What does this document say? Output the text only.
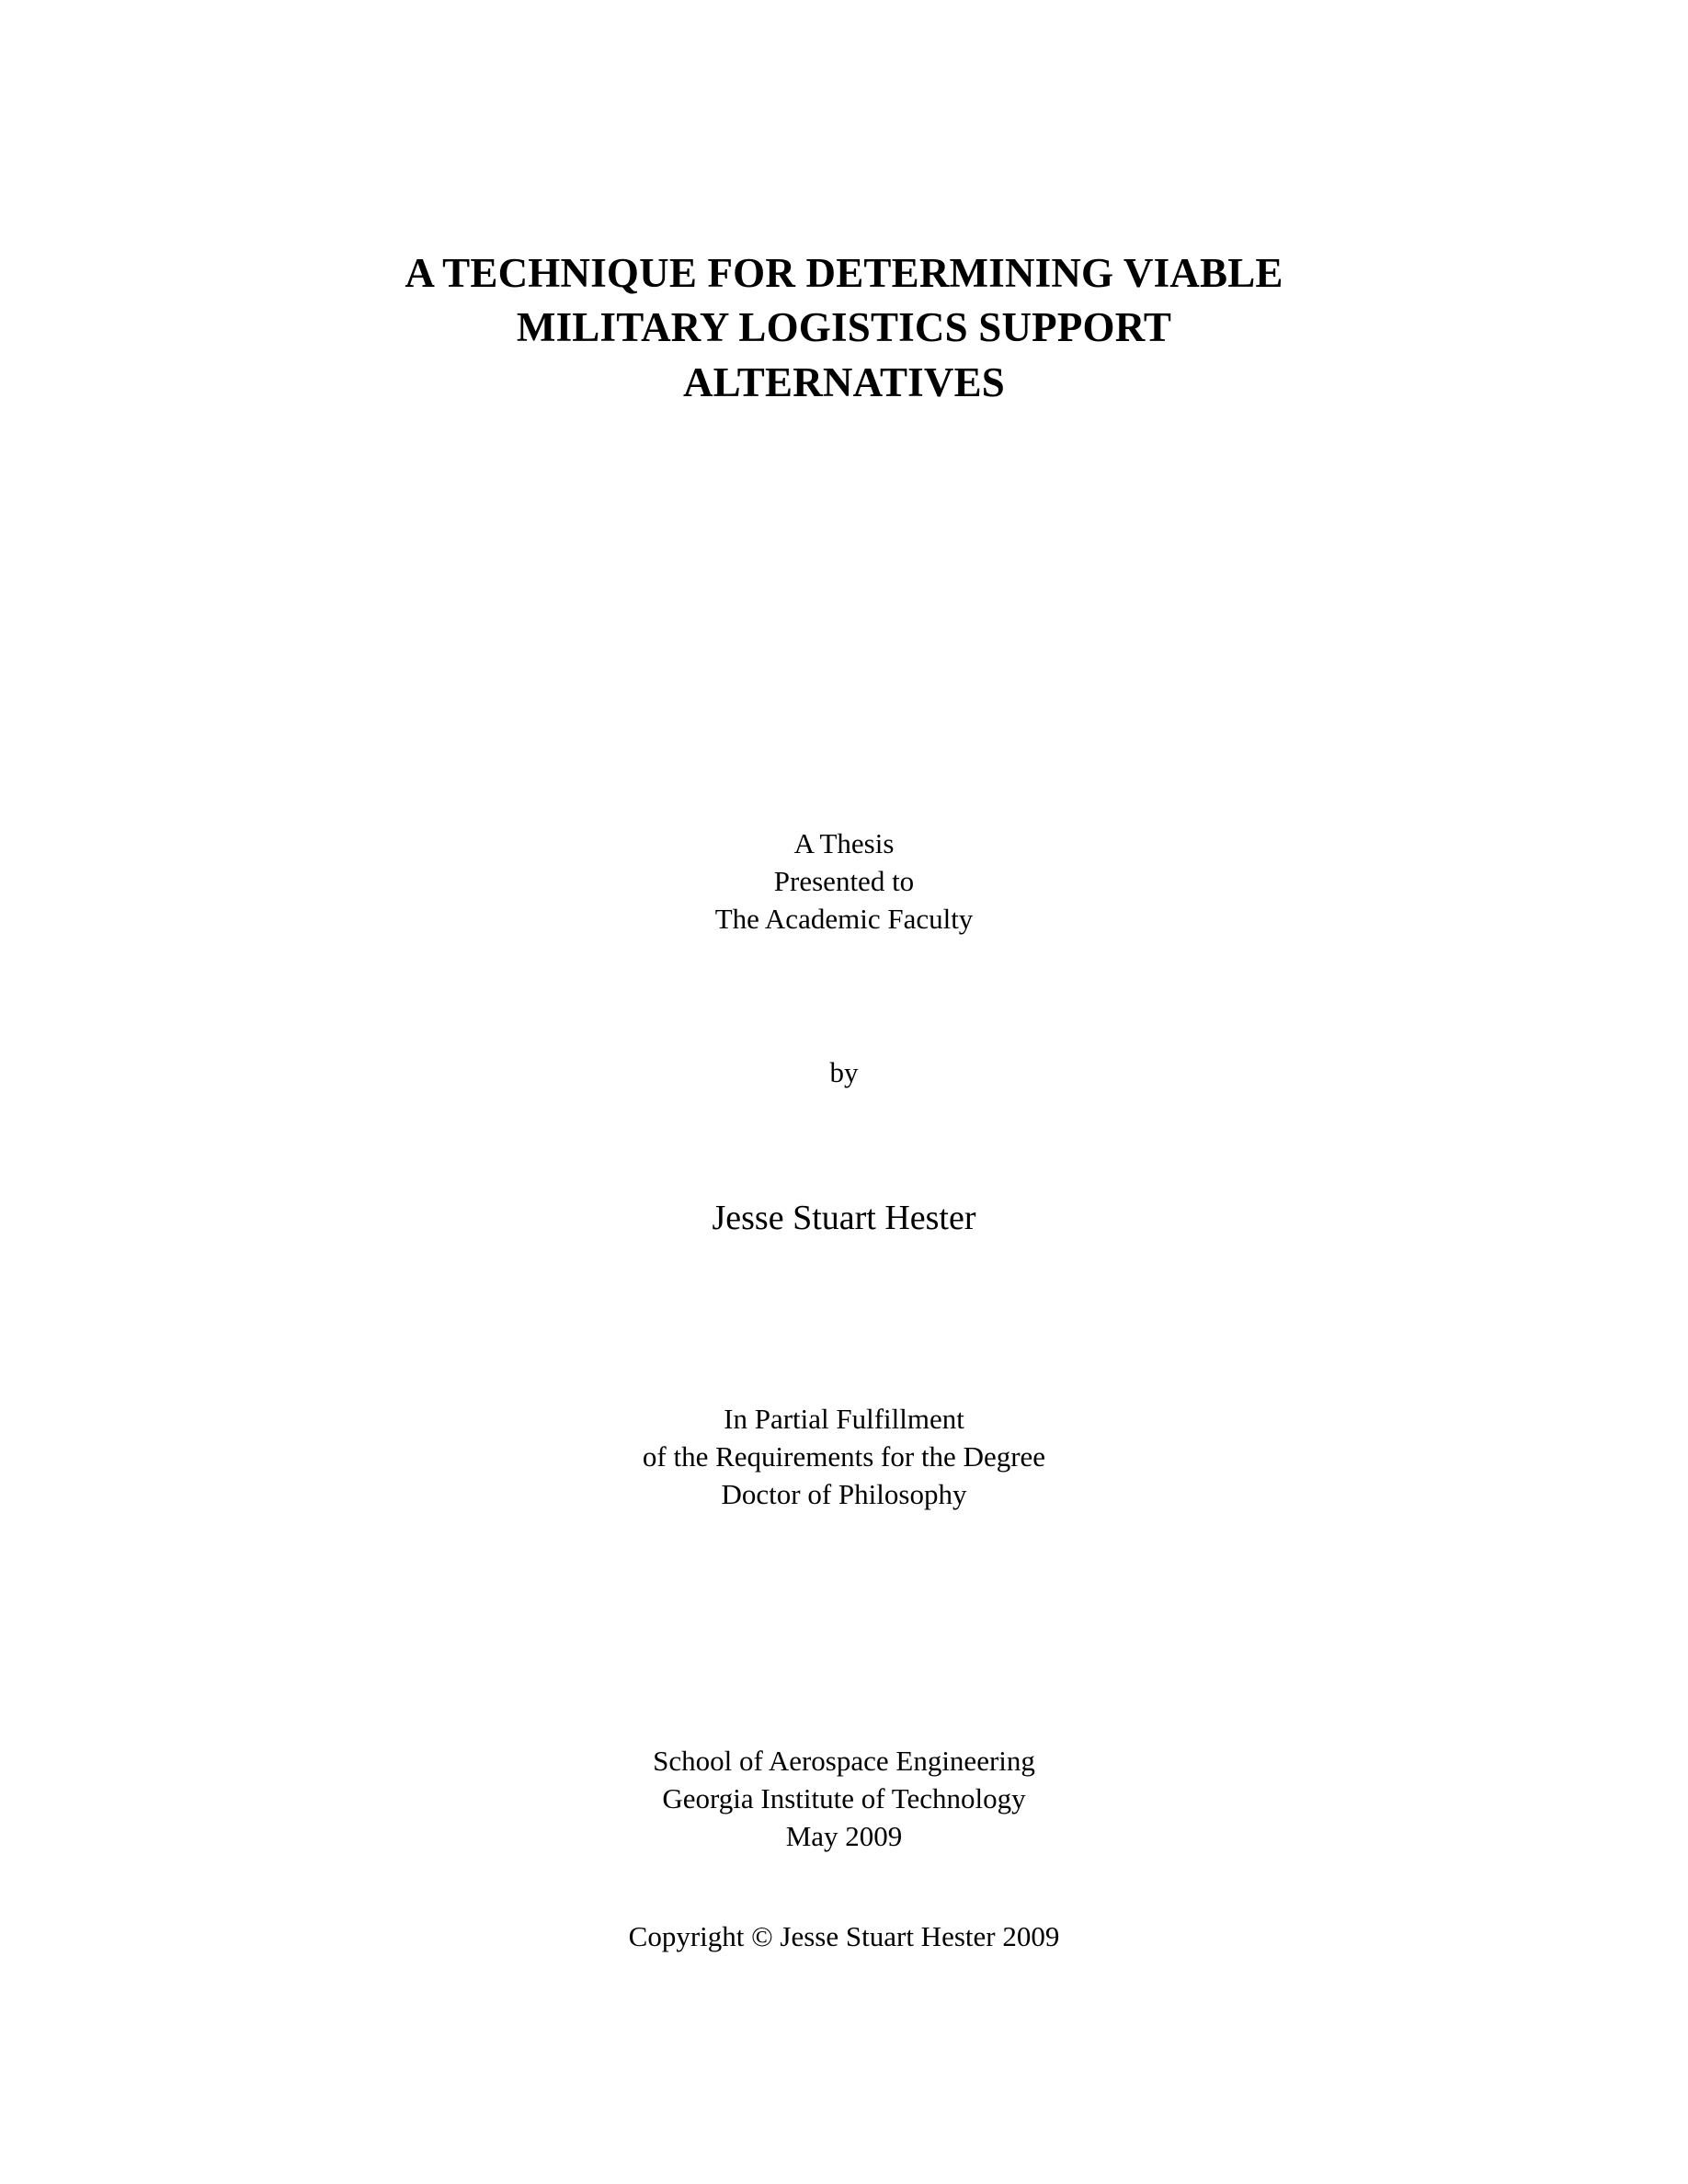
A TECHNIQUE FOR DETERMINING VIABLE
MILITARY LOGISTICS SUPPORT
ALTERNATIVES
A Thesis
Presented to
The Academic Faculty
by
Jesse Stuart Hester
In Partial Fulfillment
of the Requirements for the Degree
Doctor of Philosophy
School of Aerospace Engineering
Georgia Institute of Technology
May 2009
Copyright © Jesse Stuart Hester 2009
